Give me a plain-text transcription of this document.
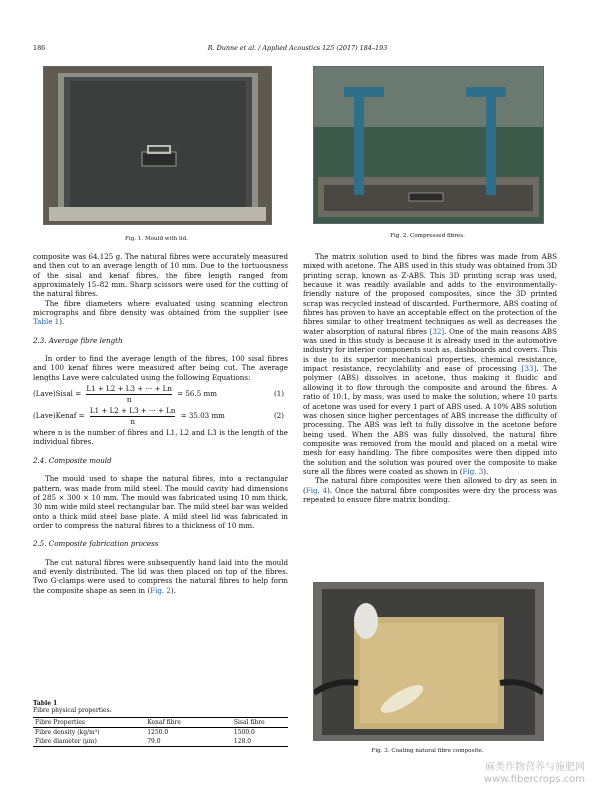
186	R. Dunne et al. / Applied Acoustics 125 (2017) 184–193
Fig. 1. Mould with lid.	Fig. 2. Compressed fibres.

composite was 64.125 g. The natural fibres were accurately measured and then cut to an average length of 10 mm. Due to the tortuousness of the sisal and kenaf fibres, the fibre length ranged from approximately 15–82 mm. Sharp scissors were used for the cutting of the natural fibres.

The fibre diameters where evaluated using scanning electron micrographs and fibre density was obtained from the supplier (see Table 1).

2.3. Average fibre length

In order to find the average length of the fibres, 100 sisal fibres and 100 kenaf fibres were measured after being cut. The average lengths Lave were calculated using the following Equations:

(Lave)Sisal = $\frac{L1 + L2 + L3 + \cdot\cdot\cdot + Ln}{n} = 56.5$ mm	(1)
(Lave)Kenaf = $\frac{L1 + L2 + L3 + \cdot\cdot\cdot + Ln}{n} = 35.03$ mm	(2)

where n is the number of fibres and L1, L2 and L3 is the length of the individual fibres.

2.4. Composite mould

The mould used to shape the natural fibres, into a rectangular pattern, was made from mild steel. The mould cavity had dimensions of 285 × 300 × 10 mm. The mould was fabricated using 10 mm thick, 30 mm wide mild steel rectangular bar. The mild steel bar was welded onto a thick mild steel base plate. A mild steel lid was fabricated in order to compress the natural fibres to a thickness of 10 mm.

2.5. Composite fabrication process

The cut natural fibres were subsequently hand laid into the mould and evenly distributed. The lid was then placed on top of the fibres. Two G-clamps were used to compress the natural fibres to help form the composite shape as seen in (Fig. 2).

Table 1
Fibre physical properties.
Fibre Properties	Kenaf fibre	Sisal fibre
Fibre density (kg/m³)	1250.0	1500.0
Fibre diameter (μm)	79.0	128.0

The matrix solution used to bind the fibres was made from ABS mixed with acetone. The ABS used in this study was obtained from 3D printing scrap, known as Z-ABS. This 3D printing scrap was used, because it was readily available and adds to the environmentally-friendly nature of the proposed composites, since the 3D printed scrap was recycled instead of discarded. Furthermore, ABS coating of fibres has proven to have an acceptable effect on the protection of the fibres similar to other treatment techniques as well as decreases the water absorption of natural fibres [32]. One of the main reasons ABS was used in this study is because it is already used in the automotive industry for interior components such as, dashboards and covers. This is due to its superior mechanical properties, chemical resistance, impact resistance, recyclability and ease of processing [33]. The polymer (ABS) dissolves in acetone, thus making it fluidic and allowing it to flow through the composite and around the fibres. A ratio of 10:1, by mass, was used to make the solution, where 10 parts of acetone was used for every 1 part of ABS used. A 10% ABS solution was chosen since higher percentages of ABS increase the difficulty of processing. The ABS was left to fully dissolve in the acetone before being used. When the ABS was fully dissolved, the natural fibre composite was removed from the mould and placed on a metal wire mesh for easy handling. The fibre composites were then dipped into the solution and the solution was poured over the composite to make sure all the fibres were coated as shown in (Fig. 3).

The natural fibre composites were then allowed to dry as seen in (Fig. 4). Once the natural fibre composites were dry the process was repeated to ensure fibre matrix bonding.

Fig. 3. Coating natural fibre composite.
麻类作物营养与施肥网
www.fibercrops.com
